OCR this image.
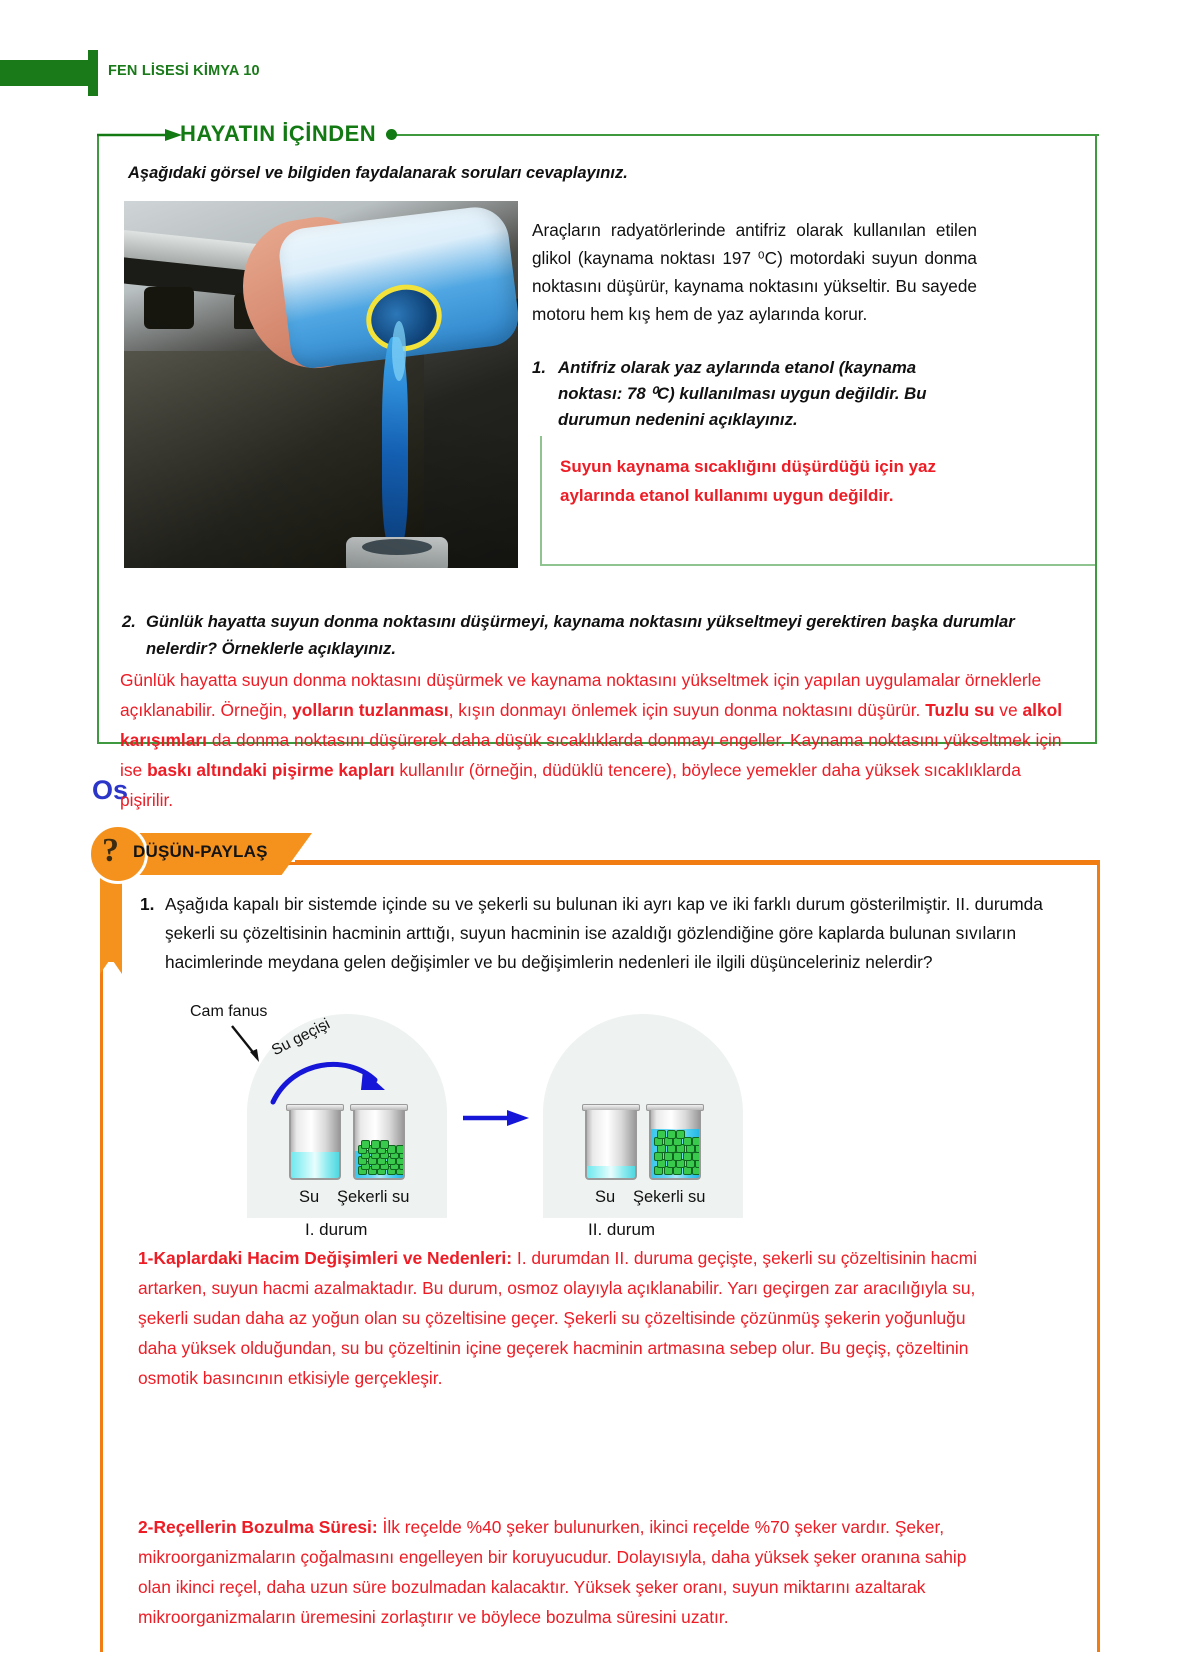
FEN LİSESİ KİMYA 10
HAYATIN İÇİNDEN
Aşağıdaki görsel ve bilgiden faydalanarak soruları cevaplayınız.
Araçların radyatörlerinde antifriz olarak kullanılan etilen glikol (kaynama noktası 197 ⁰C) motordaki suyun donma noktasını düşürür, kaynama noktasını yükseltir. Bu sayede motoru hem kış hem de yaz aylarında korur.
1. Antifriz olarak yaz aylarında etanol (kaynama noktası: 78 ⁰C) kullanılması uygun değildir. Bu durumun nedenini açıklayınız.
Suyun kaynama sıcaklığını düşürdüğü için yaz aylarında etanol kullanımı uygun değildir.
2. Günlük hayatta suyun donma noktasını düşürmeyi, kaynama noktasını yükseltmeyi gerektiren başka durumlar nelerdir? Örneklerle açıklayınız.
Os
Günlük hayatta suyun donma noktasını düşürmek ve kaynama noktasını yükseltmek için yapılan uygulamalar örneklerle açıklanabilir. Örneğin, yolların tuzlanması, kışın donmayı önlemek için suyun donma noktasını düşürür. Tuzlu su ve alkol karışımları da donma noktasını düşürerek daha düşük sıcaklıklarda donmayı engeller. Kaynama noktasını yükseltmek için ise baskı altındaki pişirme kapları kullanılır (örneğin, düdüklü tencere), böylece yemekler daha yüksek sıcaklıklarda pişirilir.
? DÜŞÜN-PAYLAŞ
1. Aşağıda kapalı bir sistemde içinde su ve şekerli su bulunan iki ayrı kap ve iki farklı durum gösterilmiştir. II. durumda şekerli su çözeltisinin hacminin arttığı, suyun hacminin ise azaldığı gözlendiğine göre kaplarda bulunan sıvıların hacimlerinde meydana gelen değişimler ve bu değişimlerin nedenleri ile ilgili düşünceleriniz nelerdir?
Cam fanus
Su geçişi
Su Şekerli su	Su Şekerli su
I. durum	II. durum
1-Kaplardaki Hacim Değişimleri ve Nedenleri: I. durumdan II. duruma geçişte, şekerli su çözeltisinin hacmi artarken, suyun hacmi azalmaktadır. Bu durum, osmoz olayıyla açıklanabilir. Yarı geçirgen zar aracılığıyla su, şekerli sudan daha az yoğun olan su çözeltisine geçer. Şekerli su çözeltisinde çözünmüş şekerin yoğunluğu daha yüksek olduğundan, su bu çözeltinin içine geçerek hacminin artmasına sebep olur. Bu geçiş, çözeltinin osmotik basıncının etkisiyle gerçekleşir.
2-Reçellerin Bozulma Süresi: İlk reçelde %40 şeker bulunurken, ikinci reçelde %70 şeker vardır. Şeker, mikroorganizmaların çoğalmasını engelleyen bir koruyucudur. Dolayısıyla, daha yüksek şeker oranına sahip olan ikinci reçel, daha uzun süre bozulmadan kalacaktır. Yüksek şeker oranı, suyun miktarını azaltarak mikroorganizmaların üremesini zorlaştırır ve böylece bozulma süresini uzatır.
